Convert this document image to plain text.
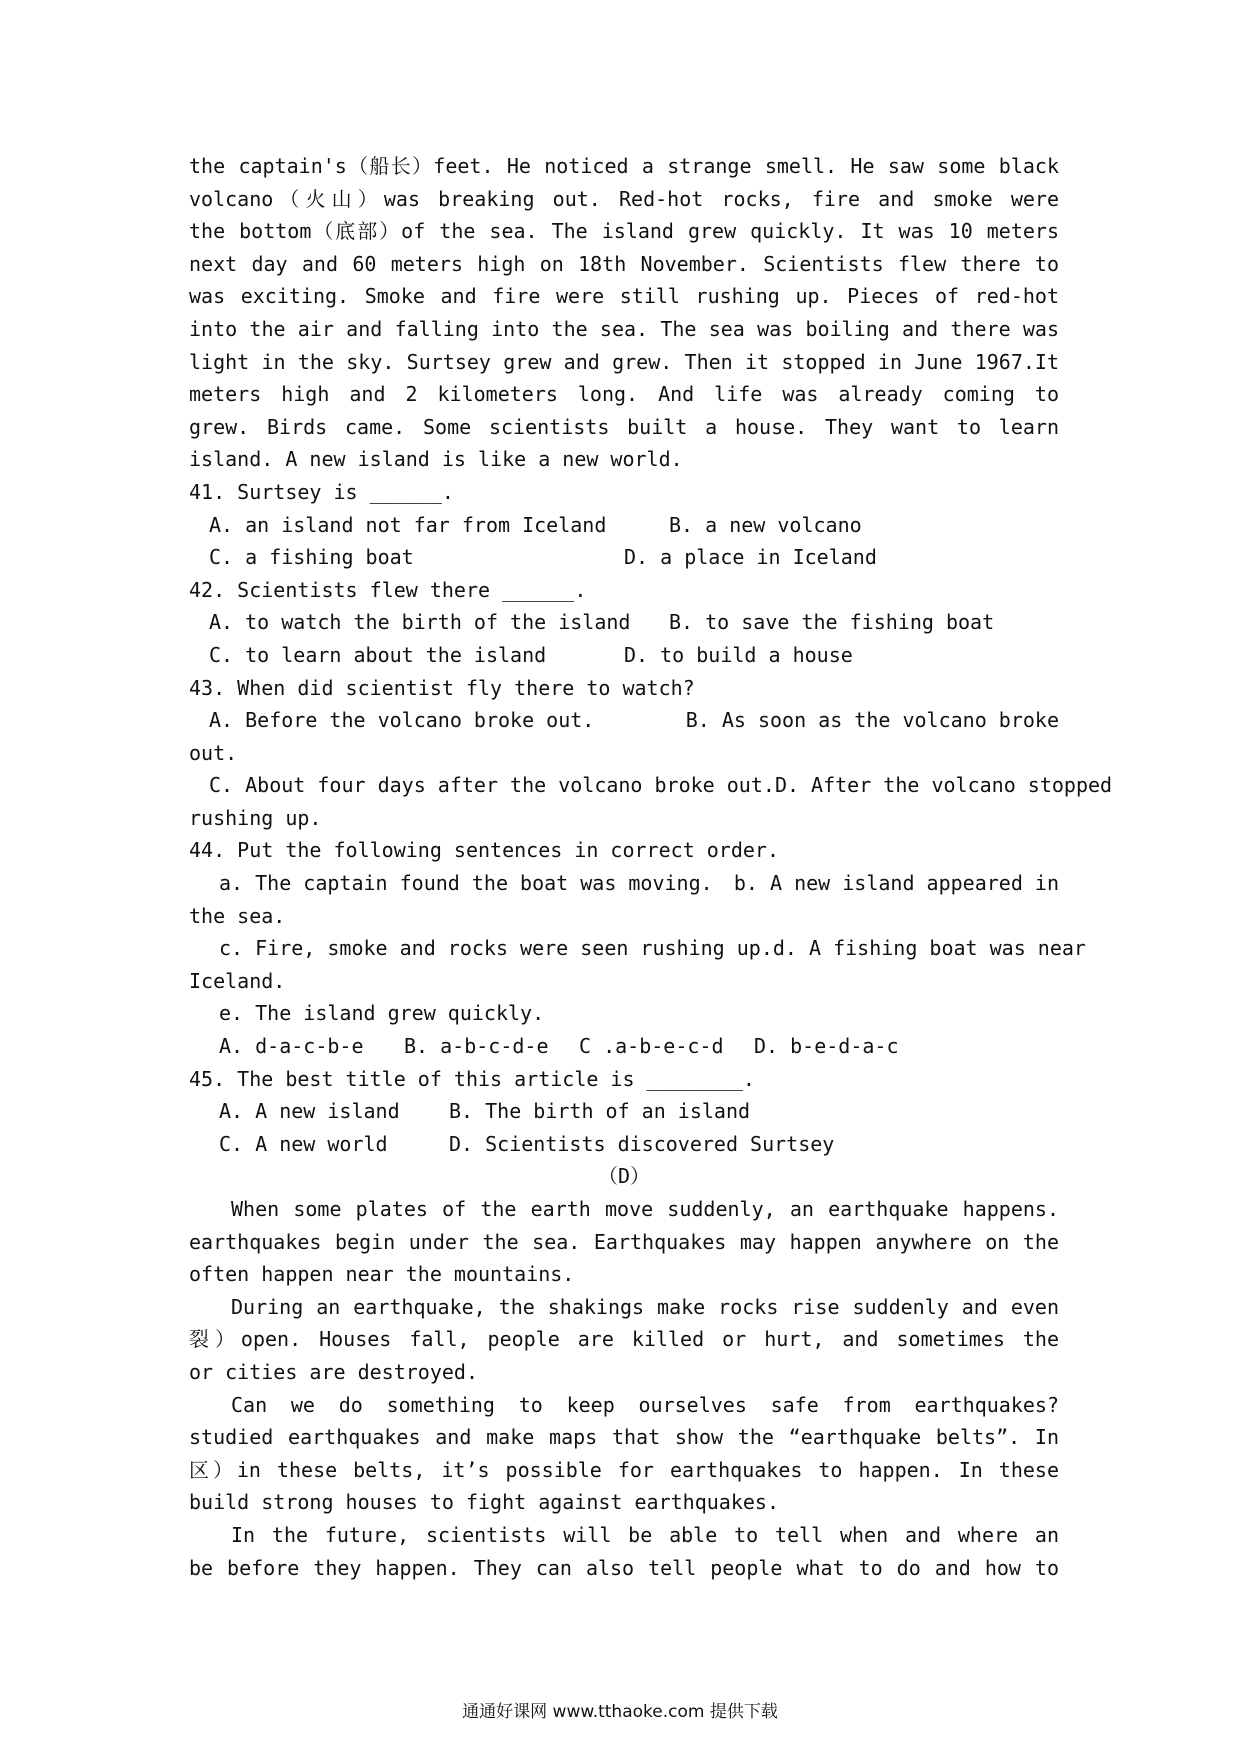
the captain's（船长）feet. He noticed a strange smell. He saw some black
volcano（火山）was breaking out. Red-hot rocks, fire and smoke were
the bottom（底部）of the sea. The island grew quickly. It was 10 meters
next day and 60 meters high on 18th November. Scientists flew there to
was exciting. Smoke and fire were still rushing up. Pieces of red-hot
into the air and falling into the sea. The sea was boiling and there was
light in the sky. Surtsey grew and grew. Then it stopped in June 1967.It
meters high and 2 kilometers long. And life was already coming to
grew. Birds came. Some scientists built a house. They want to learn
island. A new island is like a new world.
41. Surtsey is ______.
A. an island not far from Iceland	B. a new volcano
C. a fishing boat	D. a place in Iceland
42. Scientists flew there ______.
A. to watch the birth of the island	B. to save the fishing boat
C. to learn about the island	D. to build a house
43. When did scientist fly there to watch?
A. Before the volcano broke out.	B. As soon as the volcano broke
out.
C. About four days after the volcano broke out. D. After the volcano stopped
rushing up.
44. Put the following sentences in correct order.
a. The captain found the boat was moving. b. A new island appeared in
the sea.
c. Fire, smoke and rocks were seen rushing up. d. A fishing boat was near
Iceland.
e. The island grew quickly.
A. d-a-c-b-e	B. a-b-c-d-e	C .a-b-e-c-d	D. b-e-d-a-c
45. The best title of this article is ________.
A. A new island	B. The birth of an island
C. A new world	D. Scientists discovered Surtsey
（D）
When some plates of the earth move suddenly, an earthquake happens.
earthquakes begin under the sea. Earthquakes may happen anywhere on the
often happen near the mountains.
During an earthquake, the shakings make rocks rise suddenly and even
裂）open. Houses fall, people are killed or hurt, and sometimes the
or cities are destroyed.
Can we do something to keep ourselves safe from earthquakes?
studied earthquakes and make maps that show the “earthquake belts”. In
区）in these belts, it’s possible for earthquakes to happen. In these
build strong houses to fight against earthquakes.
In the future, scientists will be able to tell when and where an
be before they happen. They can also tell people what to do and how to
通通好课网 www.tthaoke.com 提供下载
